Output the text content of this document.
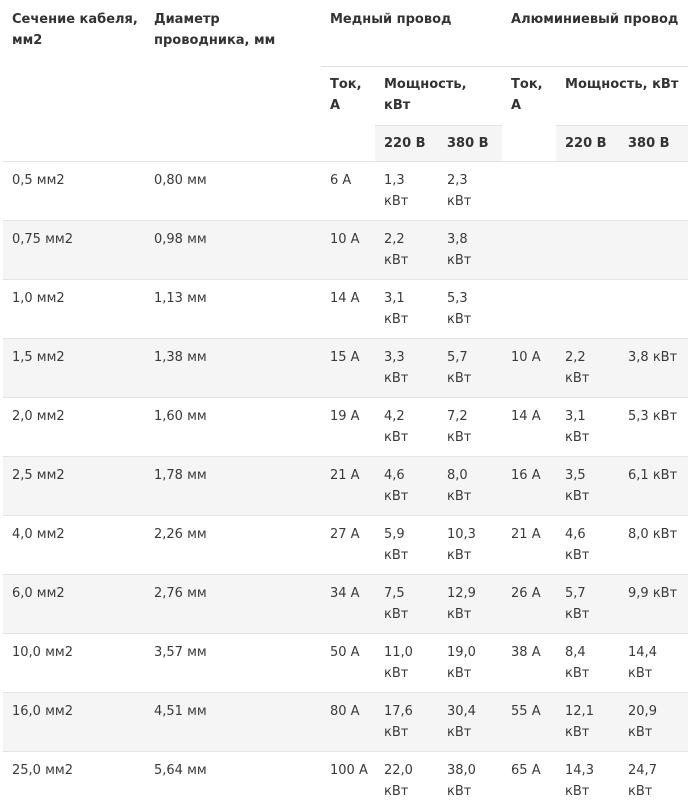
Сечение кабеля, мм2	Диаметр проводника, мм	Медный провод			Алюминиевый провод		
		Ток, А	Мощность, кВт		Ток, А	Мощность, кВт	
			220 В	380 В		220 В	380 В
0,5 мм2	0,80 мм	6 А	1,3 кВт	2,3 кВт			
0,75 мм2	0,98 мм	10 А	2,2 кВт	3,8 кВт			
1,0 мм2	1,13 мм	14 А	3,1 кВт	5,3 кВт			
1,5 мм2	1,38 мм	15 А	3,3 кВт	5,7 кВт	10 А	2,2 кВт	3,8 кВт
2,0 мм2	1,60 мм	19 А	4,2 кВт	7,2 кВт	14 А	3,1 кВт	5,3 кВт
2,5 мм2	1,78 мм	21 А	4,6 кВт	8,0 кВт	16 А	3,5 кВт	6,1 кВт
4,0 мм2	2,26 мм	27 А	5,9 кВт	10,3 кВт	21 А	4,6 кВт	8,0 кВт
6,0 мм2	2,76 мм	34 А	7,5 кВт	12,9 кВт	26 А	5,7 кВт	9,9 кВт
10,0 мм2	3,57 мм	50 А	11,0 кВт	19,0 кВт	38 А	8,4 кВт	14,4 кВт
16,0 мм2	4,51 мм	80 А	17,6 кВт	30,4 кВт	55 А	12,1 кВт	20,9 кВт
25,0 мм2	5,64 мм	100 А	22,0 кВт	38,0 кВт	65 А	14,3 кВт	24,7 кВт
